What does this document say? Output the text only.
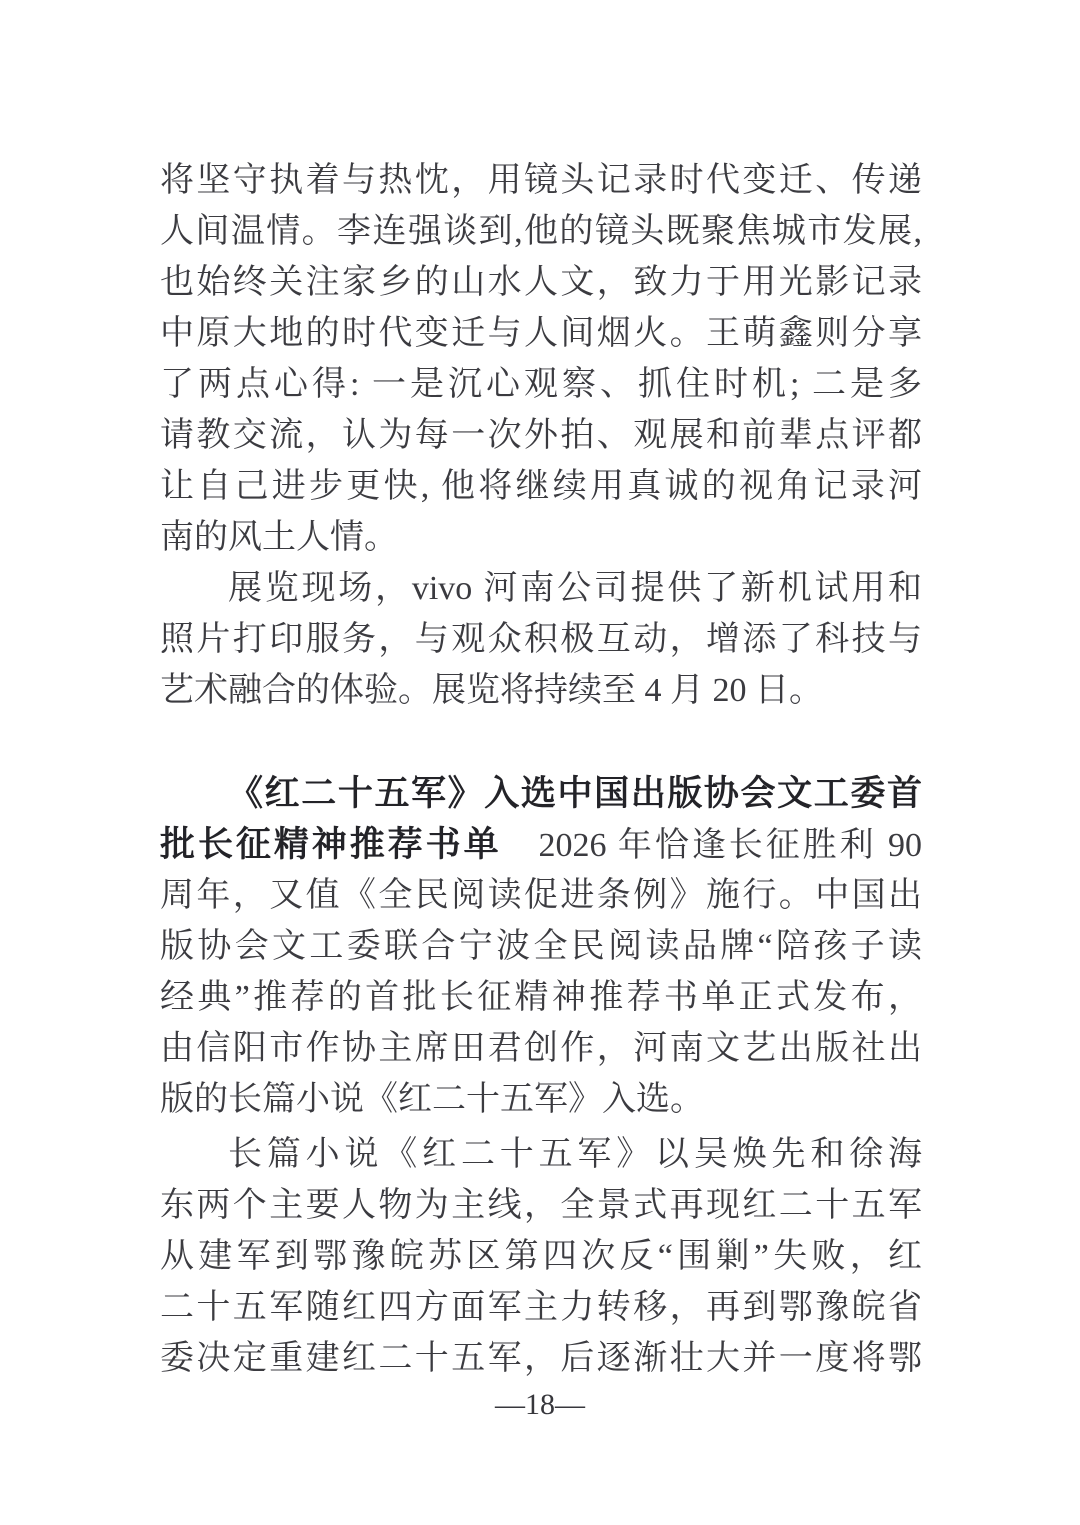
将坚守执着与热忱，用镜头记录时代变迁、传递
人间温情。李连强谈到,他的镜头既聚焦城市发展,
也始终关注家乡的山水人文，致力于用光影记录
中原大地的时代变迁与人间烟火。王萌鑫则分享
了两点心得: 一是沉心观察、抓住时机; 二是多
请教交流，认为每一次外拍、观展和前辈点评都
让自己进步更快, 他将继续用真诚的视角记录河
南的风土人情。
展览现场，vivo 河南公司提供了新机试用和
照片打印服务，与观众积极互动，增添了科技与
艺术融合的体验。展览将持续至 4 月 20 日。
《红二十五军》入选中国出版协会文工委首
批长征精神推荐书单　2026 年恰逢长征胜利 90
周年，又值《全民阅读促进条例》施行。中国出
版协会文工委联合宁波全民阅读品牌“陪孩子读
经典”推荐的首批长征精神推荐书单正式发布，
由信阳市作协主席田君创作，河南文艺出版社出
版的长篇小说《红二十五军》入选。
长篇小说《红二十五军》以吴焕先和徐海
东两个主要人物为主线，全景式再现红二十五军
从建军到鄂豫皖苏区第四次反“围剿”失败，红
二十五军随红四方面军主力转移，再到鄂豫皖省
委决定重建红二十五军，后逐渐壮大并一度将鄂
—18—
